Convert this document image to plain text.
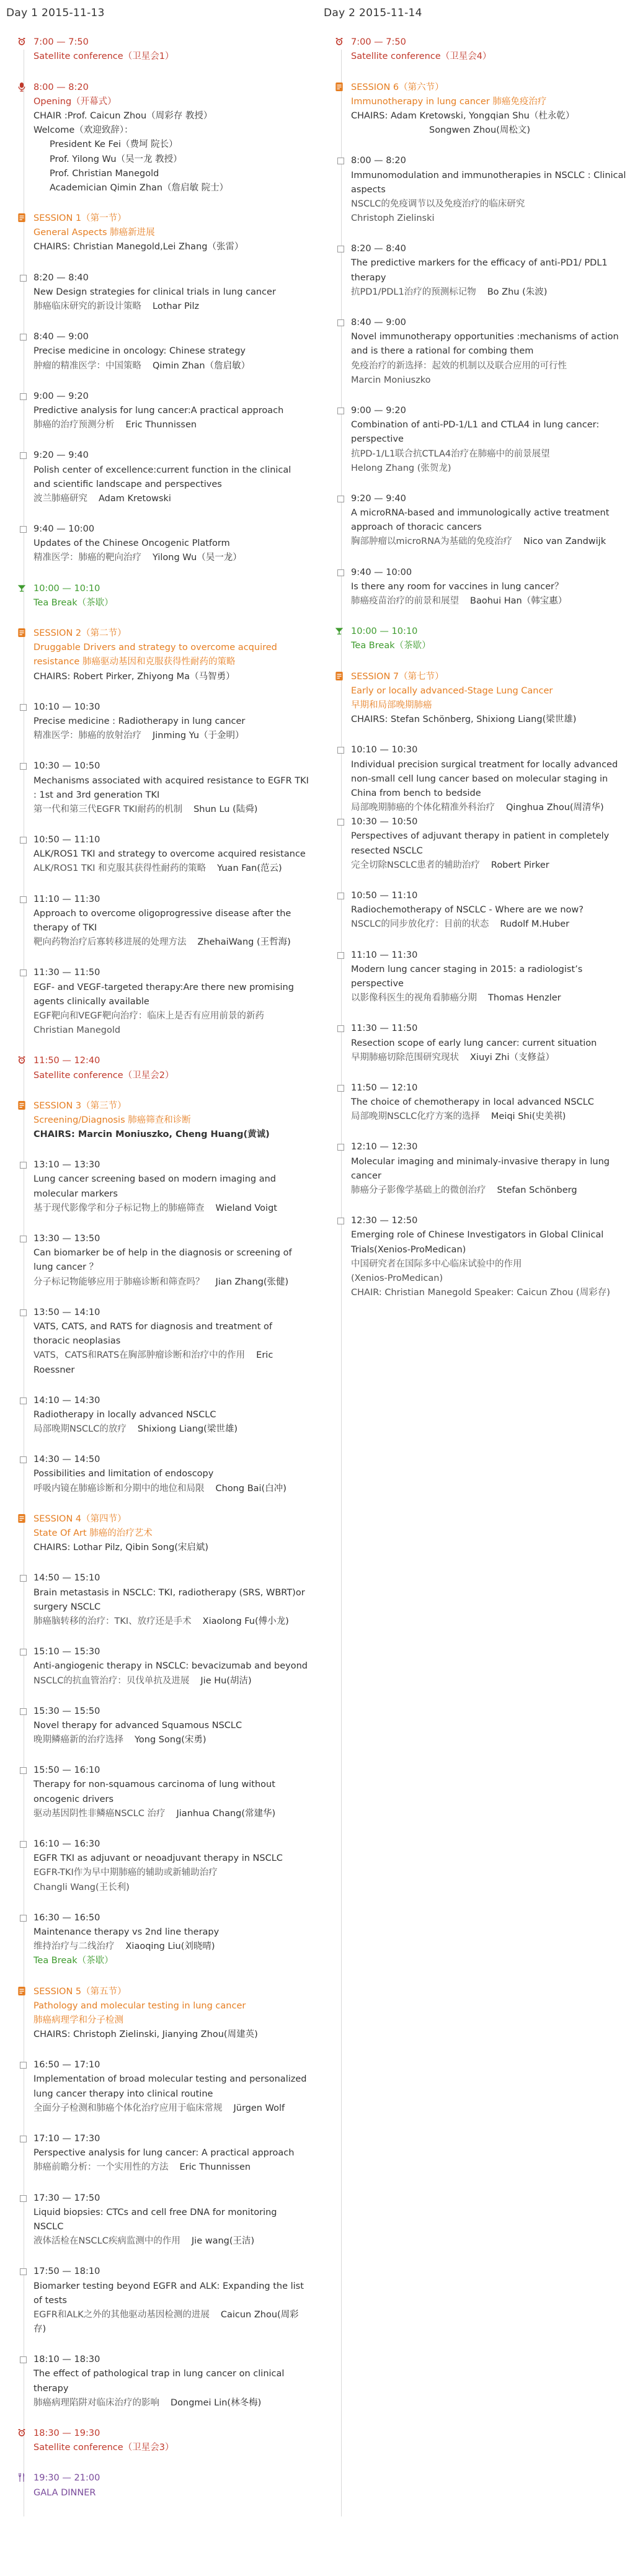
Day 1 2015-11-13
7:00 — 7:50
Satellite conference（卫星会1）
8:00 — 8:20
Opening（开幕式）
CHAIR :Prof. Caicun Zhou（周彩存 教授）
Welcome（欢迎致辞）：
President Ke Fei（费坷 院长）
Prof. Yilong Wu（吴一龙 教授）
Prof. Christian Manegold
Academician Qimin Zhan（詹启敏 院士）
SESSION 1（第一节）
General Aspects 肺癌新进展
CHAIRS: Christian Manegold,Lei Zhang（张雷）
8:20 — 8:40
New Design strategies for clinical trials in lung cancer
肺癌临床研究的新设计策略 Lothar Pilz
8:40 — 9:00
Precise medicine in oncology: Chinese strategy
肿瘤的精准医学：中国策略 Qimin Zhan（詹启敏）
9:00 — 9:20
Predictive analysis for lung cancer:A practical approach
肺癌的治疗预测分析 Eric Thunnissen
9:20 — 9:40
Polish center of excellence:current function in the clinical and scientific landscape and perspectives
波兰肺癌研究 Adam Kretowski
9:40 — 10:00
Updates of the Chinese Oncogenic Platform
精准医学：肺癌的靶向治疗 Yilong Wu（吴一龙）
10:00 — 10:10
Tea Break（茶歇）
SESSION 2（第二节）
Druggable Drivers and strategy to overcome acquired resistance 肺癌驱动基因和克服获得性耐药的策略
CHAIRS: Robert Pirker, Zhiyong Ma（马智勇）
10:10 — 10:30
Precise medicine : Radiotherapy in lung cancer
精准医学：肺癌的放射治疗 Jinming Yu（于金明）
10:30 — 10:50
Mechanisms associated with acquired resistance to EGFR TKI : 1st and 3rd generation TKI
第一代和第三代EGFR TKI耐药的机制 Shun Lu (陆舜)
10:50 — 11:10
ALK/ROS1 TKI and strategy to overcome acquired resistance
ALK/ROS1 TKI 和克服其获得性耐药的策略 Yuan Fan(范云)
11:10 — 11:30
Approach to overcome oligoprogressive disease after the therapy of TKI
靶向药物治疗后寡转移进展的处理方法 ZhehaiWang (王哲海)
11:30 — 11:50
EGF- and VEGF-targeted therapy:Are there new promising agents clinically available
EGF靶向和VEGF靶向治疗：临床上是否有应用前景的新药
Christian Manegold
11:50 — 12:40
Satellite conference（卫星会2）
SESSION 3（第三节）
Screening/Diagnosis 肺癌筛查和诊断
CHAIRS: Marcin Moniuszko, Cheng Huang(黄诚)
13:10 — 13:30
Lung cancer screening based on modern imaging and molecular markers
基于现代影像学和分子标记物上的肺癌筛查 Wieland Voigt
13:30 — 13:50
Can biomarker be of help in the diagnosis or screening of lung cancer ？
分子标记物能够应用于肺癌诊断和筛查吗？ Jian Zhang(张健)
13:50 — 14:10
VATS, CATS, and RATS for diagnosis and treatment of thoracic neoplasias
VATS，CATS和RATS在胸部肿瘤诊断和治疗中的作用 Eric Roessner
14:10 — 14:30
Radiotherapy in locally advanced NSCLC
局部晚期NSCLC的放疗 Shixiong Liang(梁世雄)
14:30 — 14:50
Possibilities and limitation of endoscopy
呼吸内镜在肺癌诊断和分期中的地位和局限 Chong Bai(白冲)
SESSION 4（第四节）
State Of Art 肺癌的治疗艺术
CHAIRS: Lothar Pilz, Qibin Song(宋启斌)
14:50 — 15:10
Brain metastasis in NSCLC: TKI, radiotherapy (SRS, WBRT)or surgery NSCLC
肺癌脑转移的治疗：TKI、放疗还是手术 Xiaolong Fu(傅小龙)
15:10 — 15:30
Anti-angiogenic therapy in NSCLC: bevacizumab and beyond
NSCLC的抗血管治疗：贝伐单抗及进展 Jie Hu(胡洁)
15:30 — 15:50
Novel therapy for advanced Squamous NSCLC
晚期鳞癌新的治疗选择 Yong Song(宋勇)
15:50 — 16:10
Therapy for non-squamous carcinoma of lung without oncogenic drivers
驱动基因阴性非鳞癌NSCLC 治疗 Jianhua Chang(常建华)
16:10 — 16:30
EGFR TKI as adjuvant or neoadjuvant therapy in NSCLC
EGFR-TKI作为早中期肺癌的辅助或新辅助治疗
Changli Wang(王长利)
16:30 — 16:50
Maintenance therapy vs 2nd line therapy
维持治疗与二线治疗 Xiaoqing Liu(刘晓晴)
Tea Break（茶歇）
SESSION 5（第五节）
Pathology and molecular testing in lung cancer
肺癌病理学和分子检测
CHAIRS: Christoph Zielinski, Jianying Zhou(周建英)
16:50 — 17:10
Implementation of broad molecular testing and personalized lung cancer therapy into clinical routine
全面分子检测和肺癌个体化治疗应用于临床常规 Jürgen Wolf
17:10 — 17:30
Perspective analysis for lung cancer: A practical approach
肺癌前瞻分析：一个实用性的方法 Eric Thunnissen
17:30 — 17:50
Liquid biopsies: CTCs and cell free DNA for monitoring NSCLC
液体活检在NSCLC疾病监测中的作用 Jie wang(王洁)
17:50 — 18:10
Biomarker testing beyond EGFR and ALK: Expanding the list of tests
EGFR和ALK之外的其他驱动基因检测的进展 Caicun Zhou(周彩存)
18:10 — 18:30
The effect of pathological trap in lung cancer on clinical therapy
肺癌病理陷阱对临床治疗的影响 Dongmei Lin(林冬梅)
18:30 — 19:30
Satellite conference（卫星会3）
19:30 — 21:00
GALA DINNER
Day 2 2015-11-14
7:00 — 7:50
Satellite conference（卫星会4）
SESSION 6（第六节）
Immunotherapy in lung cancer 肺癌免疫治疗
CHAIRS: Adam Kretowski, Yongqian Shu（杜永乾）
Songwen Zhou(周松文)
8:00 — 8:20
Immunomodulation and immunotherapies in NSCLC : Clinical aspects
NSCLC的免疫调节以及免疫治疗的临床研究
Christoph Zielinski
8:20 — 8:40
The predictive markers for the efficacy of anti-PD1/ PDL1 therapy
抗PD1/PDL1治疗的预测标记物 Bo Zhu (朱波)
8:40 — 9:00
Novel immunotherapy opportunities :mechanisms of action and is there a rational for combing them
免疫治疗的新选择：起效的机制以及联合应用的可行性
Marcin Moniuszko
9:00 — 9:20
Combination of anti-PD-1/L1 and CTLA4 in lung cancer: perspective
抗PD-1/L1联合抗CTLA4治疗在肺癌中的前景展望
Helong Zhang (张贺龙)
9:20 — 9:40
A microRNA-based and immunologically active treatment approach of thoracic cancers
胸部肿瘤以microRNA为基础的免疫治疗 Nico van Zandwijk
9:40 — 10:00
Is there any room for vaccines in lung cancer？
肺癌疫苗治疗的前景和展望 Baohui Han（韩宝惠）
10:00 — 10:10
Tea Break（茶歇）
SESSION 7（第七节）
Early or locally advanced-Stage Lung Cancer
早期和局部晚期肺癌
CHAIRS: Stefan Schönberg, Shixiong Liang(梁世雄)
10:10 — 10:30
Individual precision surgical treatment for locally advanced non-small cell lung cancer based on molecular staging in China from bench to bedside
局部晚期肺癌的个体化精准外科治疗 Qinghua Zhou(周清华)
10:30 — 10:50
Perspectives of adjuvant therapy in patient in completely resected NSCLC
完全切除NSCLC患者的辅助治疗 Robert Pirker
10:50 — 11:10
Radiochemotherapy of NSCLC - Where are we now?
NSCLC的同步放化疗：目前的状态 Rudolf M.Huber
11:10 — 11:30
Modern lung cancer staging in 2015: a radiologist’s perspective
以影像科医生的视角看肺癌分期 Thomas Henzler
11:30 — 11:50
Resection scope of early lung cancer: current situation
早期肺癌切除范围研究现状 Xiuyi Zhi（支修益）
11:50 — 12:10
The choice of chemotherapy in local advanced NSCLC
局部晚期NSCLC化疗方案的选择 Meiqi Shi(史美祺)
12:10 — 12:30
Molecular imaging and minimaly-invasive therapy in lung cancer
肺癌分子影像学基础上的微创治疗 Stefan Schönberg
12:30 — 12:50
Emerging role of Chinese Investigators in Global Clinical Trials(Xenios-ProMedican)
中国研究者在国际多中心临床试验中的作用
(Xenios-ProMedican)
CHAIR: Christian Manegold Speaker: Caicun Zhou (周彩存)
